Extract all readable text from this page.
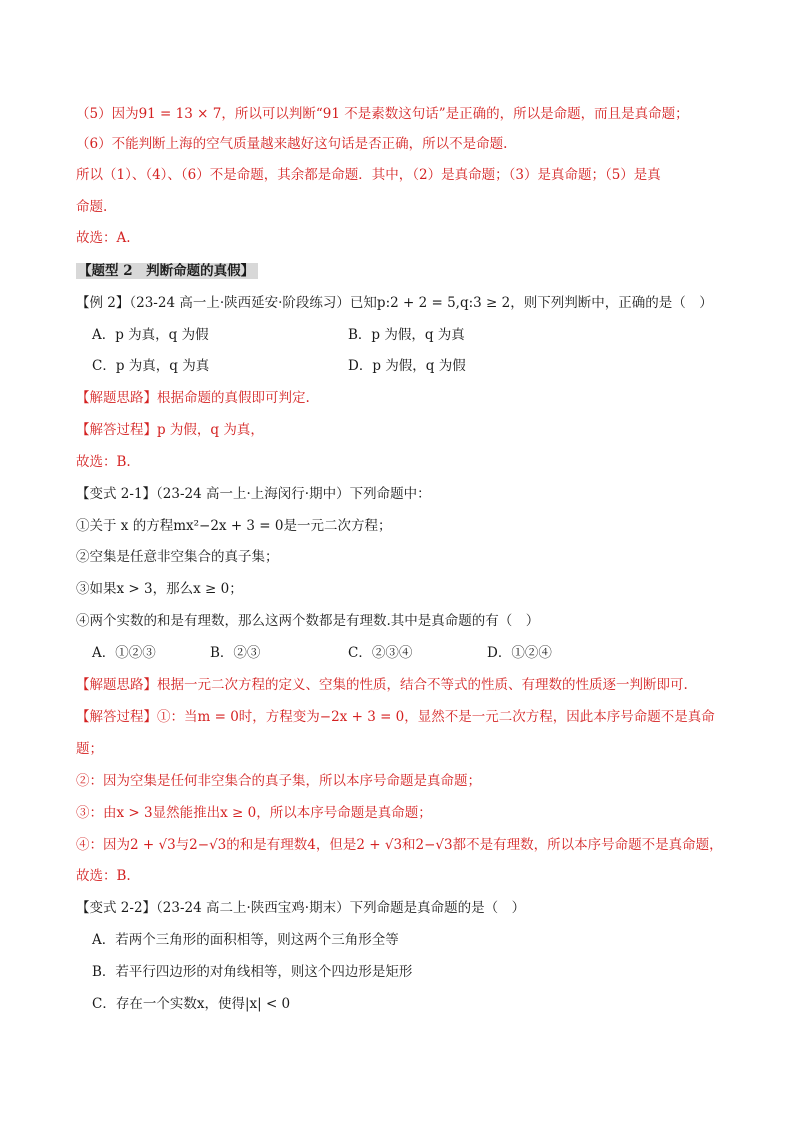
（5）因为91 = 13 × 7，所以可以判断“91 不是素数这句话”是正确的，所以是命题，而且是真命题；
（6）不能判断上海的空气质量越来越好这句话是否正确，所以不是命题.
所以（1）、（4）、（6）不是命题，其余都是命题．其中，（2）是真命题；（3）是真命题；（5）是真
命题.
故选：A.
【题型 2　判断命题的真假】
【例 2】（23-24 高一上·陕西延安·阶段练习）已知p:2 + 2 = 5,q:3 ≥ 2，则下列判断中，正确的是（　）
A．p 为真，q 为假	B．p 为假，q 为真
C．p 为真，q 为真	D．p 为假，q 为假
【解题思路】根据命题的真假即可判定.
【解答过程】p 为假，q 为真，
故选：B.
【变式 2-1】（23-24 高一上·上海闵行·期中）下列命题中：
①关于 x 的方程mx²−2x + 3 = 0是一元二次方程；
②空集是任意非空集合的真子集；
③如果x > 3，那么x ≥ 0；
④两个实数的和是有理数，那么这两个数都是有理数.其中是真命题的有（　）
A．①②③	B．②③	C．②③④	D．①②④
【解题思路】根据一元二次方程的定义、空集的性质，结合不等式的性质、有理数的性质逐一判断即可.
【解答过程】①：当m = 0时，方程变为−2x + 3 = 0，显然不是一元二次方程，因此本序号命题不是真命
题；
②：因为空集是任何非空集合的真子集，所以本序号命题是真命题；
③：由x > 3显然能推出x ≥ 0，所以本序号命题是真命题；
④：因为2 + √3与2−√3的和是有理数4，但是2 + √3和2−√3都不是有理数，所以本序号命题不是真命题，
故选：B.
【变式 2-2】（23-24 高二上·陕西宝鸡·期末）下列命题是真命题的是（　）
A．若两个三角形的面积相等，则这两个三角形全等
B．若平行四边形的对角线相等，则这个四边形是矩形
C．存在一个实数x，使得|x| < 0
